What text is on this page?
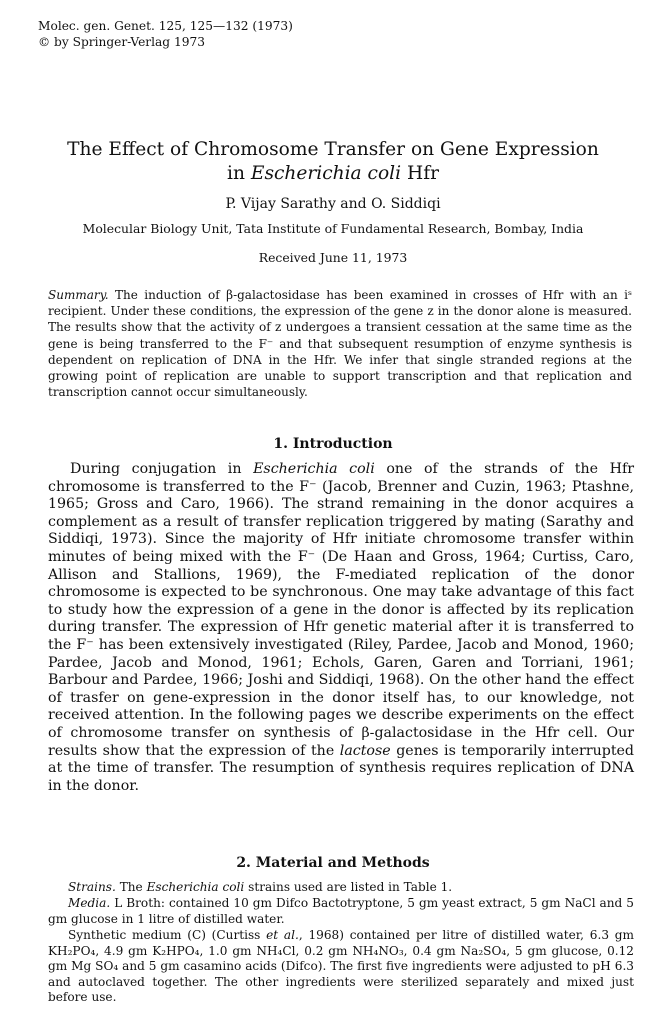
Molec. gen. Genet. 125, 125—132 (1973)
© by Springer-Verlag 1973
The Effect of Chromosome Transfer on Gene Expression
in Escherichia coli Hfr
P. Vijay Sarathy and O. Siddiqi
Molecular Biology Unit, Tata Institute of Fundamental Research, Bombay, India
Received June 11, 1973

Summary. The induction of β-galactosidase has been examined in crosses of Hfr with an iˢ recipient. Under these conditions, the expression of the gene z in the donor alone is measured. The results show that the activity of z undergoes a transient cessation at the same time as the gene is being transferred to the F⁻ and that subsequent resumption of enzyme synthesis is dependent on replication of DNA in the Hfr. We infer that single stranded regions at the growing point of replication are unable to support transcription and that replication and transcription cannot occur simultaneously.

1. Introduction

During conjugation in Escherichia coli one of the strands of the Hfr chromosome is transferred to the F⁻ (Jacob, Brenner and Cuzin, 1963; Ptashne, 1965; Gross and Caro, 1966). The strand remaining in the donor acquires a complement as a result of transfer replication triggered by mating (Sarathy and Siddiqi, 1973). Since the majority of Hfr initiate chromosome transfer within minutes of being mixed with the F⁻ (De Haan and Gross, 1964; Curtiss, Caro, Allison and Stallions, 1969), the F-mediated replication of the donor chromosome is expected to be synchronous. One may take advantage of this fact to study how the expression of a gene in the donor is affected by its replication during transfer. The expression of Hfr genetic material after it is transferred to the F⁻ has been extensively investigated (Riley, Pardee, Jacob and Monod, 1960; Pardee, Jacob and Monod, 1961; Echols, Garen, Garen and Torriani, 1961; Barbour and Pardee, 1966; Joshi and Siddiqi, 1968). On the other hand the effect of trasfer on gene-expression in the donor itself has, to our knowledge, not received attention. In the following pages we describe experiments on the effect of chromosome transfer on synthesis of β-galactosidase in the Hfr cell. Our results show that the expression of the lactose genes is temporarily interrupted at the time of transfer. The resumption of synthesis requires replication of DNA in the donor.

2. Material and Methods

Strains. The Escherichia coli strains used are listed in Table 1.

Media. L Broth: contained 10 gm Difco Bactotryptone, 5 gm yeast extract, 5 gm NaCl and 5 gm glucose in 1 litre of distilled water.

Synthetic medium (C) (Curtiss et al., 1968) contained per litre of distilled water, 6.3 gm KH₂PO₄, 4.9 gm K₂HPO₄, 1.0 gm NH₄Cl, 0.2 gm NH₄NO₃, 0.4 gm Na₂SO₄, 5 gm glucose, 0.12 gm Mg SO₄ and 5 gm casamino acids (Difco). The first five ingredients were adjusted to pH 6.3 and autoclaved together. The other ingredients were sterilized separately and mixed just before use.
